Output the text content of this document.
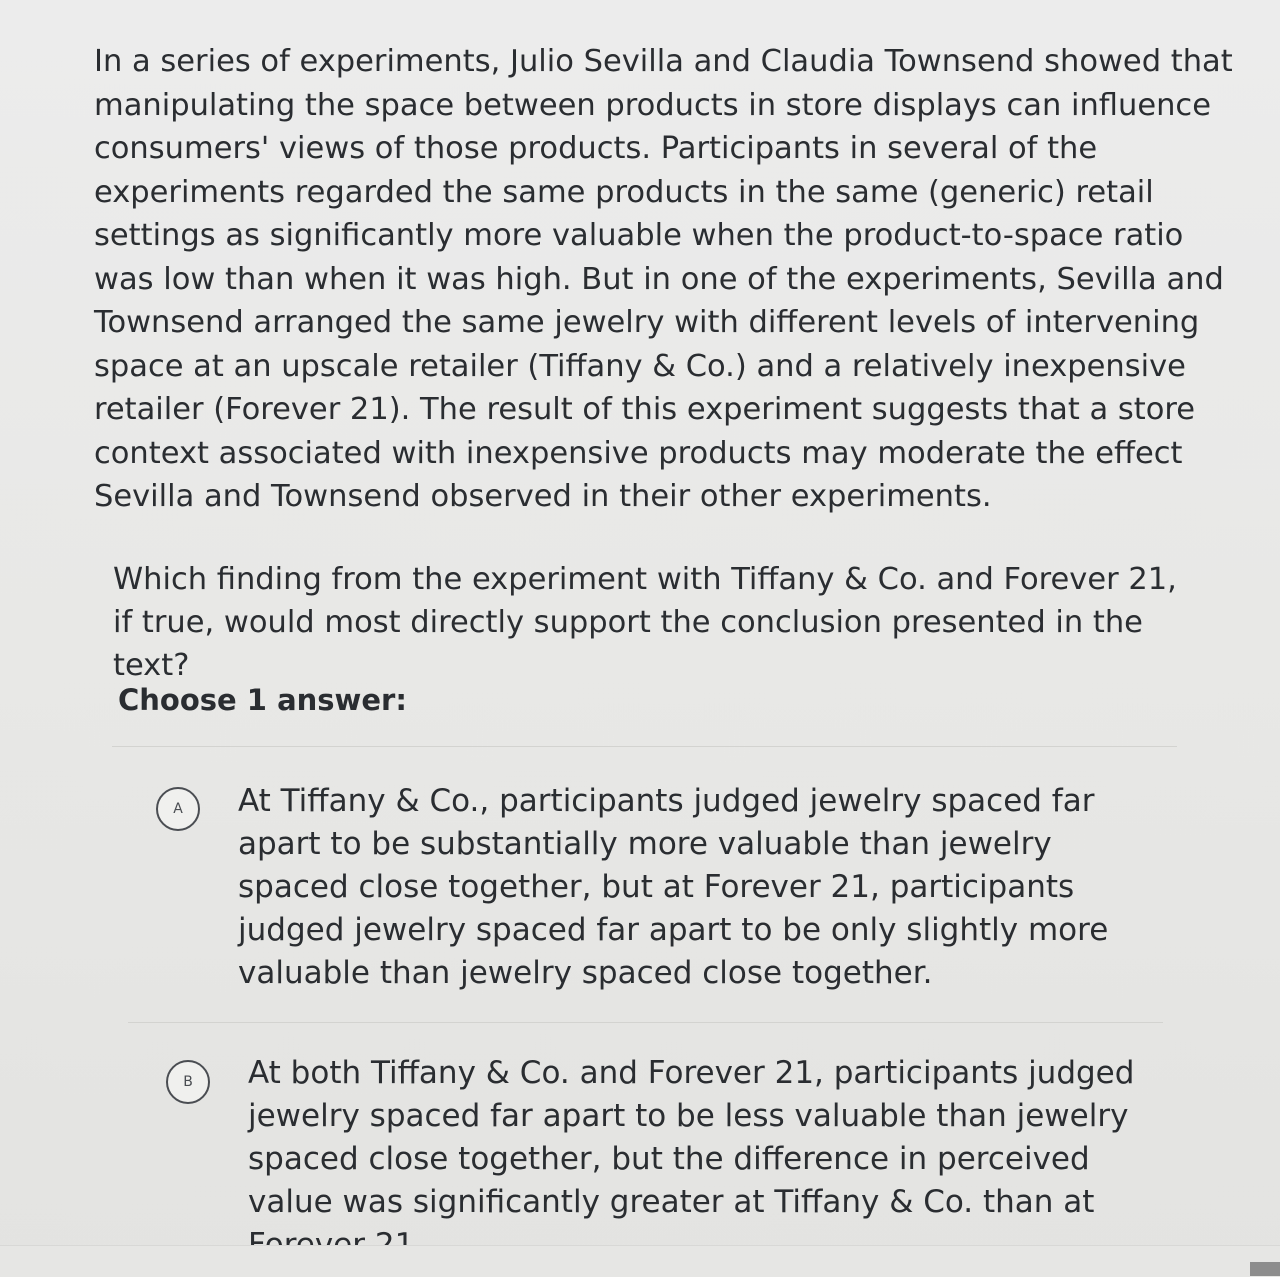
In a series of experiments, Julio Sevilla and Claudia Townsend showed that manipulating the space between products in store displays can influence consumers' views of those products. Participants in several of the experiments regarded the same products in the same (generic) retail settings as significantly more valuable when the product-to-space ratio was low than when it was high. But in one of the experiments, Sevilla and Townsend arranged the same jewelry with different levels of intervening space at an upscale retailer (Tiffany & Co.) and a relatively inexpensive retailer (Forever 21). The result of this experiment suggests that a store context associated with inexpensive products may moderate the effect Sevilla and Townsend observed in their other experiments.

Which finding from the experiment with Tiffany & Co. and Forever 21, if true, would most directly support the conclusion presented in the text?

Choose 1 answer:

A At Tiffany & Co., participants judged jewelry spaced far apart to be substantially more valuable than jewelry spaced close together, but at Forever 21, participants judged jewelry spaced far apart to be only slightly more valuable than jewelry spaced close together.

B At both Tiffany & Co. and Forever 21, participants judged jewelry spaced far apart to be less valuable than jewelry spaced close together, but the difference in perceived value was significantly greater at Tiffany & Co. than at
